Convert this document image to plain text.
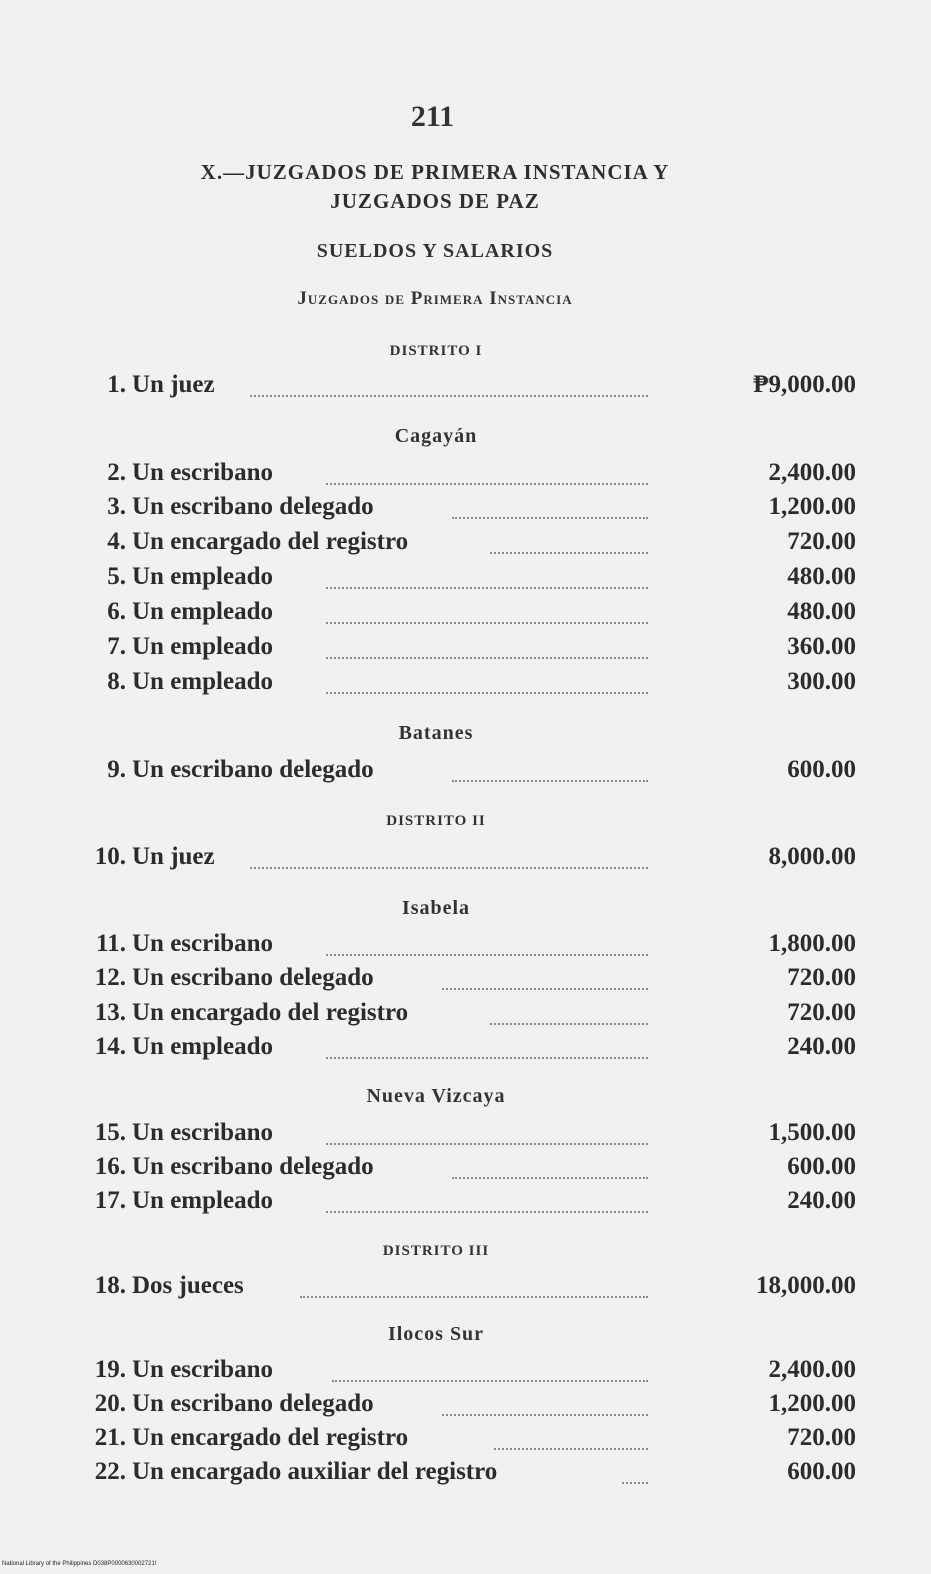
211
X.—JUZGADOS DE PRIMERA INSTANCIA Y
JUZGADOS DE PAZ
SUELDOS Y SALARIOS
Juzgados de Primera Instancia
DISTRITO I
1. Un juez	₱9,000.00
Cagayán
2. Un escribano	2,400.00
3. Un escribano delegado	1,200.00
4. Un encargado del registro	720.00
5. Un empleado	480.00
6. Un empleado	480.00
7. Un empleado	360.00
8. Un empleado	300.00
Batanes
9. Un escribano delegado	600.00
DISTRITO II
10. Un juez	8,000.00
Isabela
11. Un escribano	1,800.00
12. Un escribano delegado	720.00
13. Un encargado del registro	720.00
14. Un empleado	240.00
Nueva Vizcaya
15. Un escribano	1,500.00
16. Un escribano delegado	600.00
17. Un empleado	240.00
DISTRITO III
18. Dos jueces	18,000.00
Ilocos Sur
19. Un escribano	2,400.00
20. Un escribano delegado	1,200.00
21. Un encargado del registro	720.00
22. Un encargado auxiliar del registro	600.00
National Library of the Philippines D038P0000630002721!
